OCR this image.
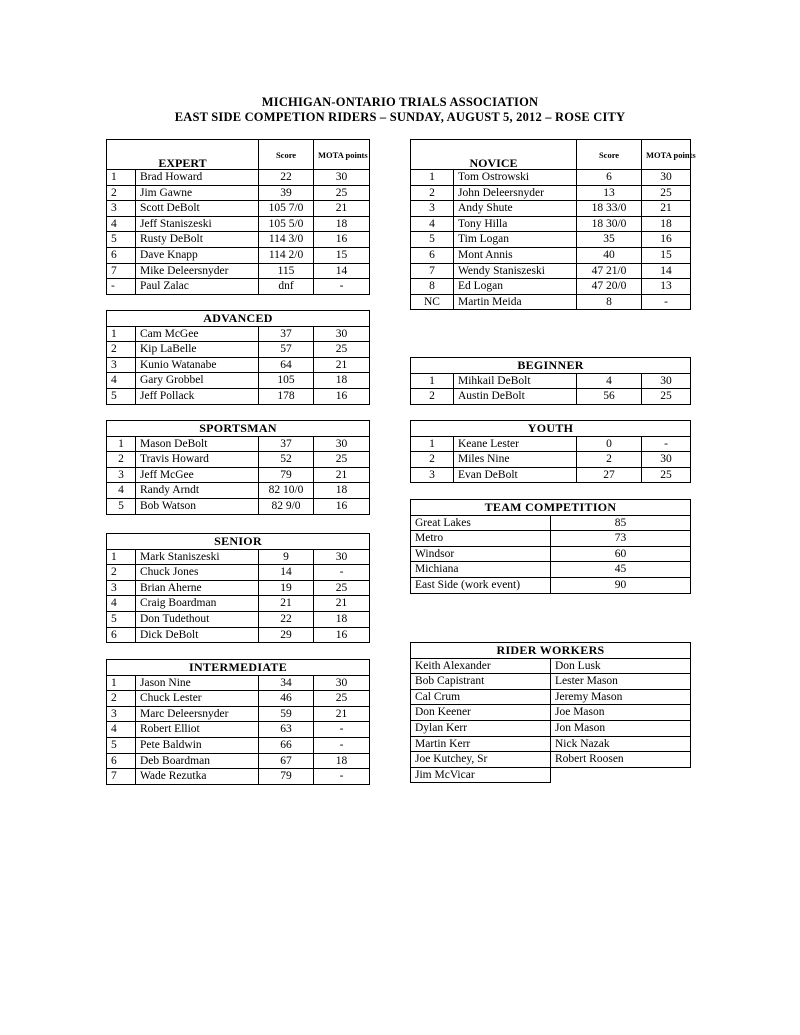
MICHIGAN-ONTARIO TRIALS ASSOCIATION
EAST SIDE COMPETION RIDERS – SUNDAY, AUGUST 5, 2012 – ROSE CITY
EXPERT		Score	MOTA points
1	Brad Howard	22	30
2	Jim Gawne	39	25
3	Scott DeBolt	105 7/0	21
4	Jeff Staniszeski	105 5/0	18
5	Rusty DeBolt	114 3/0	16
6	Dave Knapp	114 2/0	15
7	Mike Deleersnyder	115	14
-	Paul Zalac	dnf	-
NOVICE		Score	MOTA points
1	Tom Ostrowski	6	30
2	John Deleersnyder	13	25
3	Andy Shute	18 33/0	21
4	Tony Hilla	18 30/0	18
5	Tim Logan	35	16
6	Mont Annis	40	15
7	Wendy Staniszeski	47 21/0	14
8	Ed Logan	47 20/0	13
NC	Martin Meida	8	-
ADVANCED			
1	Cam McGee	37	30
2	Kip LaBelle	57	25
3	Kunio Watanabe	64	21
4	Gary Grobbel	105	18
5	Jeff Pollack	178	16
BEGINNER			
1	Mihkail DeBolt	4	30
2	Austin DeBolt	56	25
SPORTSMAN			
1	Mason DeBolt	37	30
2	Travis Howard	52	25
3	Jeff McGee	79	21
4	Randy Arndt	82 10/0	18
5	Bob Watson	82 9/0	16
YOUTH			
1	Keane Lester	0	-
2	Miles Nine	2	30
3	Evan DeBolt	27	25
TEAM COMPETITION	
Great Lakes	85
Metro	73
Windsor	60
Michiana	45
East Side (work event)	90
SENIOR			
1	Mark Staniszeski	9	30
2	Chuck Jones	14	-
3	Brian Aherne	19	25
4	Craig Boardman	21	21
5	Don Tudethout	22	18
6	Dick DeBolt	29	16
INTERMEDIATE			
1	Jason Nine	34	30
2	Chuck Lester	46	25
3	Marc Deleersnyder	59	21
4	Robert Elliot	63	-
5	Pete Baldwin	66	-
6	Deb Boardman	67	18
7	Wade Rezutka	79	-
RIDER WORKERS	
Keith Alexander	Don Lusk
Bob Capistrant	Lester Mason
Cal Crum	Jeremy Mason
Don Keener	Joe Mason
Dylan Kerr	Jon Mason
Martin Kerr	Nick Nazak
Joe Kutchey, Sr	Robert Roosen
Jim McVicar	
